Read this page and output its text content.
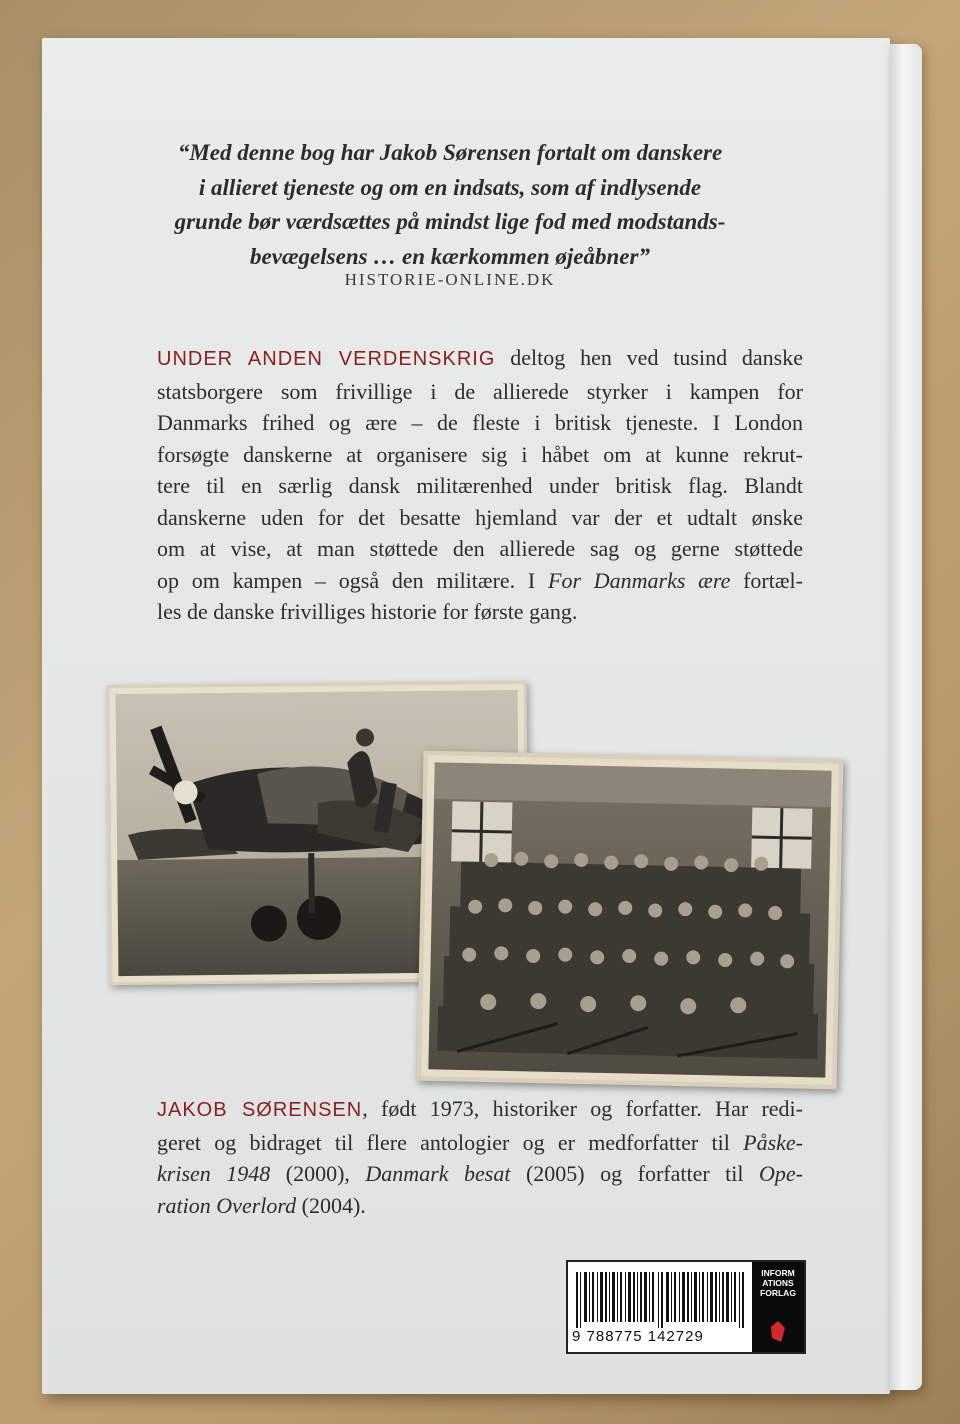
“Med denne bog har Jakob Sørensen fortalt om danskere
i allieret tjeneste og om en indsats, som af indlysende
grunde bør værdsættes på mindst lige fod med modstands-
bevægelsens … en kærkommen øjeåbner”
HISTORIE-ONLINE.DK
UNDER ANDEN VERDENSKRIG deltog hen ved tusind danske
statsborgere som frivillige i de allierede styrker i kampen for
Danmarks frihed og ære – de fleste i britisk tjeneste. I London
forsøgte danskerne at organisere sig i håbet om at kunne rekrut-
tere til en særlig dansk militærenhed under britisk flag. Blandt
danskerne uden for det besatte hjemland var der et udtalt ønske
om at vise, at man støttede den allierede sag og gerne støttede
op om kampen – også den militære. I For Danmarks ære fortæl-
les de danske frivilliges historie for første gang.
JAKOB SØRENSEN, født 1973, historiker og forfatter. Har redi-
geret og bidraget til flere antologier og er medforfatter til Påske-
krisen 1948 (2000), Danmark besat (2005) og forfatter til Ope-
ration Overlord (2004).
9 788775 142729
INFORM
ATIONS
FORLAG
